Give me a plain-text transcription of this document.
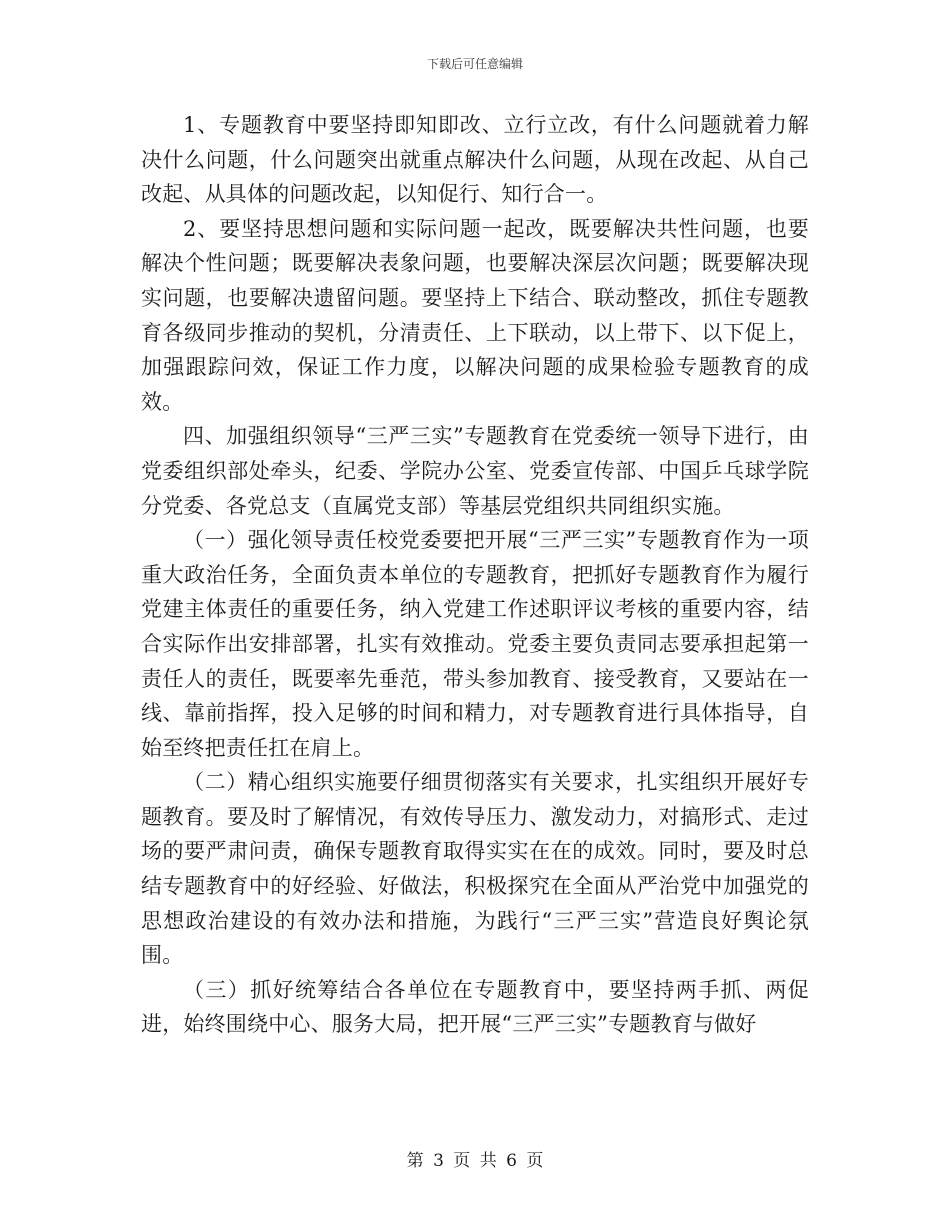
下载后可任意编辑

1、专题教育中要坚持即知即改、立行立改，有什么问题就着力解决什么问题，什么问题突出就重点解决什么问题，从现在改起、从自己改起、从具体的问题改起，以知促行、知行合一。

2、要坚持思想问题和实际问题一起改，既要解决共性问题，也要解决个性问题；既要解决表象问题，也要解决深层次问题；既要解决现实问题，也要解决遗留问题。要坚持上下结合、联动整改，抓住专题教育各级同步推动的契机，分清责任、上下联动，以上带下、以下促上，加强跟踪问效，保证工作力度，以解决问题的成果检验专题教育的成效。

四、加强组织领导“三严三实”专题教育在党委统一领导下进行，由党委组织部处牵头，纪委、学院办公室、党委宣传部、中国乒乓球学院分党委、各党总支（直属党支部）等基层党组织共同组织实施。

（一）强化领导责任校党委要把开展“三严三实”专题教育作为一项重大政治任务，全面负责本单位的专题教育，把抓好专题教育作为履行党建主体责任的重要任务，纳入党建工作述职评议考核的重要内容，结合实际作出安排部署，扎实有效推动。党委主要负责同志要承担起第一责任人的责任，既要率先垂范，带头参加教育、接受教育，又要站在一线、靠前指挥，投入足够的时间和精力，对专题教育进行具体指导，自始至终把责任扛在肩上。

（二）精心组织实施要仔细贯彻落实有关要求，扎实组织开展好专题教育。要及时了解情况，有效传导压力、激发动力，对搞形式、走过场的要严肃问责，确保专题教育取得实实在在的成效。同时，要及时总结专题教育中的好经验、好做法，积极探究在全面从严治党中加强党的思想政治建设的有效办法和措施，为践行“三严三实”营造良好舆论氛围。

（三）抓好统筹结合各单位在专题教育中，要坚持两手抓、两促进，始终围绕中心、服务大局，把开展“三严三实”专题教育与做好

第 3 页 共 6 页
